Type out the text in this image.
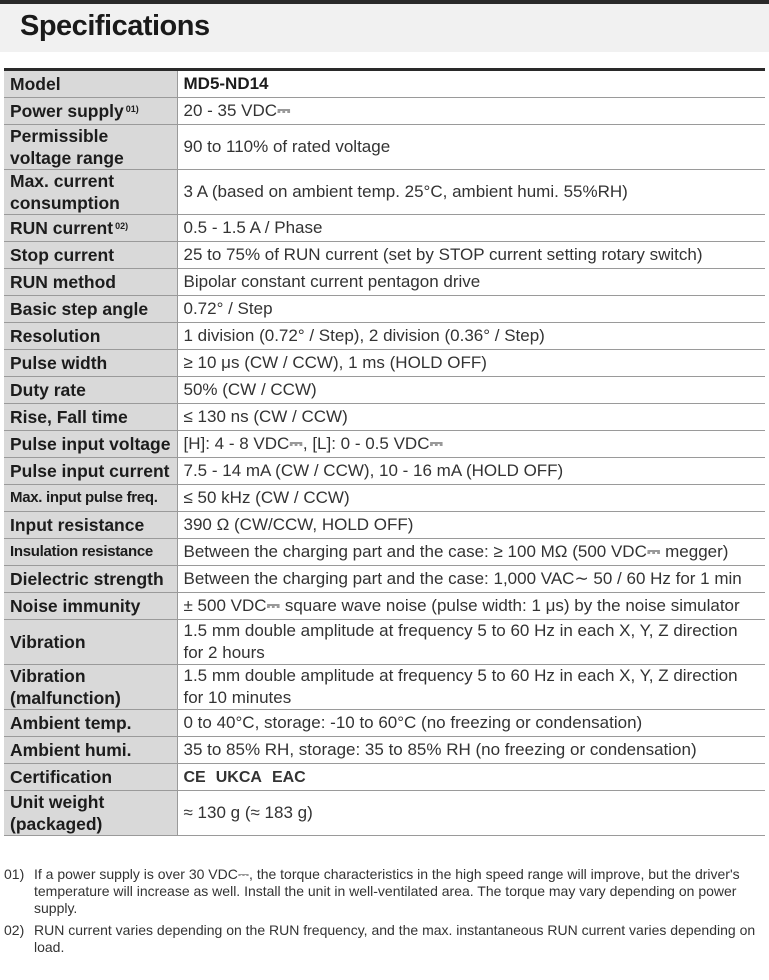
Specifications
Model	MD5-ND14
Power supply $^{01)}$	20 - 35 VDC⎓
Permissible voltage range	90 to 110% of rated voltage
Max. current consumption	3 A (based on ambient temp. 25°C, ambient humi. 55%RH)
RUN current $^{02)}$	0.5 - 1.5 A / Phase
Stop current	25 to 75% of RUN current (set by STOP current setting rotary switch)
RUN method	Bipolar constant current pentagon drive
Basic step angle	0.72° / Step
Resolution	1 division (0.72° / Step), 2 division (0.36° / Step)
Pulse width	≥ 10 μs (CW / CCW), 1 ms (HOLD OFF)
Duty rate	50% (CW / CCW)
Rise, Fall time	≤ 130 ns (CW / CCW)
Pulse input voltage	[H]: 4 - 8 VDC⎓, [L]: 0 - 0.5 VDC⎓
Pulse input current	7.5 - 14 mA (CW / CCW), 10 - 16 mA (HOLD OFF)
Max. input pulse freq.	≤ 50 kHz (CW / CCW)
Input resistance	390 Ω (CW/CCW, HOLD OFF)
Insulation resistance	Between the charging part and the case: ≥ 100 MΩ (500 VDC⎓ megger)
Dielectric strength	Between the charging part and the case: 1,000 VAC∼ 50 / 60 Hz for 1 min
Noise immunity	± 500 VDC⎓ square wave noise (pulse width: 1 μs) by the noise simulator
Vibration	1.5 mm double amplitude at frequency 5 to 60 Hz in each X, Y, Z direction for 2 hours
Vibration (malfunction)	1.5 mm double amplitude at frequency 5 to 60 Hz in each X, Y, Z direction for 10 minutes
Ambient temp.	0 to 40°C, storage: -10 to 60°C (no freezing or condensation)
Ambient humi.	35 to 85% RH, storage: 35 to 85% RH (no freezing or condensation)
Certification	CE UKCA EAC

Unit weight (packaged)	≈ 130 g (≈ 183 g)
01) If a power supply is over 30 VDC⎓, the torque characteristics in the high speed range will improve, but the driver's temperature will increase as well. Install the unit in well-ventilated area. The torque may vary depending on power supply.
02) RUN current varies depending on the RUN frequency, and the max. instantaneous RUN current varies depending on load.
